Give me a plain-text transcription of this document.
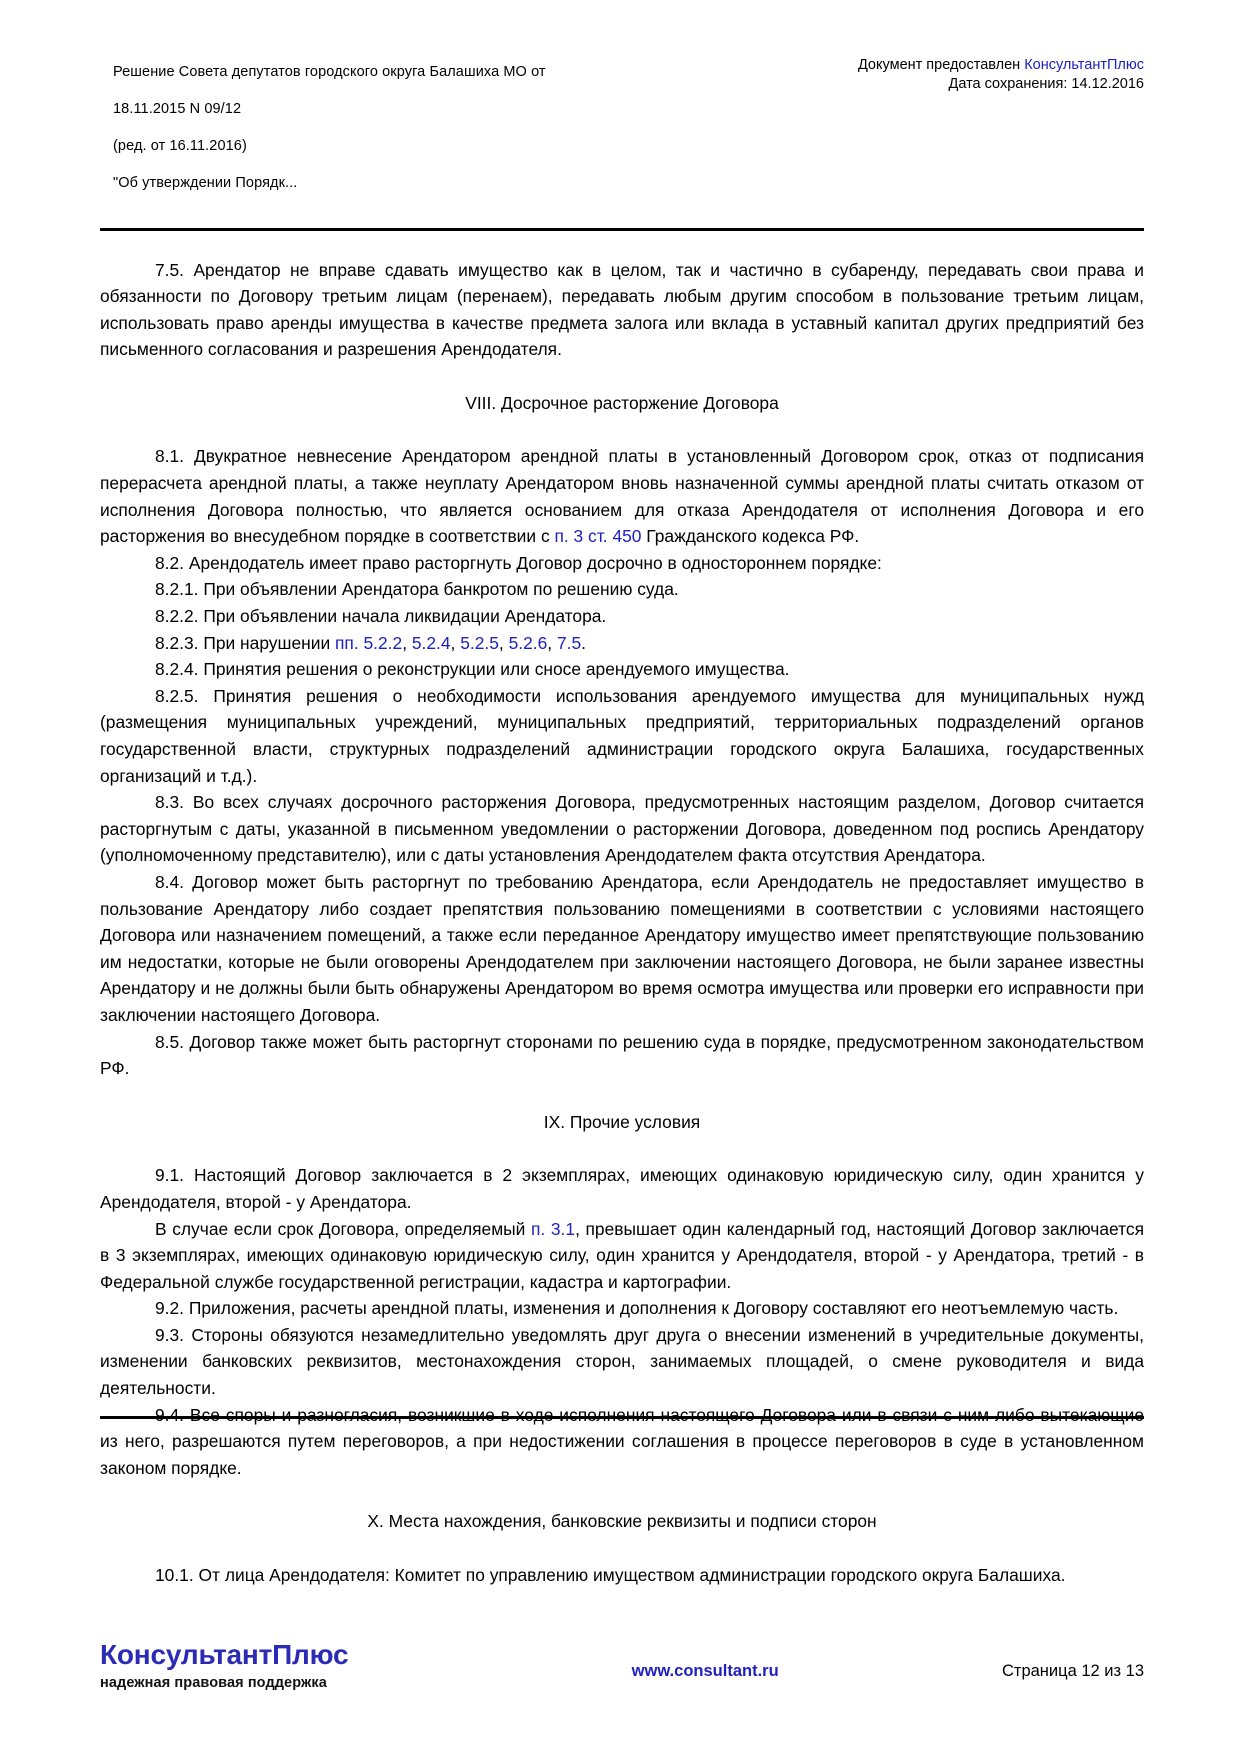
Решение Совета депутатов городского округа Балашиха МО от

18.11.2015 N 09/12

(ред. от 16.11.2016)

"Об утверждении Порядк...

Документ предоставлен КонсультантПлюс
Дата сохранения: 14.12.2016

7.5. Арендатор не вправе сдавать имущество как в целом, так и частично в субаренду, передавать свои права и обязанности по Договору третьим лицам (перенаем), передавать любым другим способом в пользование третьим лицам, использовать право аренды имущества в качестве предмета залога или вклада в уставный капитал других предприятий без письменного согласования и разрешения Арендодателя.

VIII. Досрочное расторжение Договора

8.1. Двукратное невнесение Арендатором арендной платы в установленный Договором срок, отказ от подписания перерасчета арендной платы, а также неуплату Арендатором вновь назначенной суммы арендной платы считать отказом от исполнения Договора полностью, что является основанием для отказа Арендодателя от исполнения Договора и его расторжения во внесудебном порядке в соответствии с п. 3 ст. 450 Гражданского кодекса РФ.

8.2. Арендодатель имеет право расторгнуть Договор досрочно в одностороннем порядке:

8.2.1. При объявлении Арендатора банкротом по решению суда.

8.2.2. При объявлении начала ликвидации Арендатора.

8.2.3. При нарушении пп. 5.2.2, 5.2.4, 5.2.5, 5.2.6, 7.5.

8.2.4. Принятия решения о реконструкции или сносе арендуемого имущества.

8.2.5. Принятия решения о необходимости использования арендуемого имущества для муниципальных нужд (размещения муниципальных учреждений, муниципальных предприятий, территориальных подразделений органов государственной власти, структурных подразделений администрации городского округа Балашиха, государственных организаций и т.д.).

8.3. Во всех случаях досрочного расторжения Договора, предусмотренных настоящим разделом, Договор считается расторгнутым с даты, указанной в письменном уведомлении о расторжении Договора, доведенном под роспись Арендатору (уполномоченному представителю), или с даты установления Арендодателем факта отсутствия Арендатора.

8.4. Договор может быть расторгнут по требованию Арендатора, если Арендодатель не предоставляет имущество в пользование Арендатору либо создает препятствия пользованию помещениями в соответствии с условиями настоящего Договора или назначением помещений, а также если переданное Арендатору имущество имеет препятствующие пользованию им недостатки, которые не были оговорены Арендодателем при заключении настоящего Договора, не были заранее известны Арендатору и не должны были быть обнаружены Арендатором во время осмотра имущества или проверки его исправности при заключении настоящего Договора.

8.5. Договор также может быть расторгнут сторонами по решению суда в порядке, предусмотренном законодательством РФ.

IX. Прочие условия

9.1. Настоящий Договор заключается в 2 экземплярах, имеющих одинаковую юридическую силу, один хранится у Арендодателя, второй - у Арендатора.

В случае если срок Договора, определяемый п. 3.1, превышает один календарный год, настоящий Договор заключается в 3 экземплярах, имеющих одинаковую юридическую силу, один хранится у Арендодателя, второй - у Арендатора, третий - в Федеральной службе государственной регистрации, кадастра и картографии.

9.2. Приложения, расчеты арендной платы, изменения и дополнения к Договору составляют его неотъемлемую часть.

9.3. Стороны обязуются незамедлительно уведомлять друг друга о внесении изменений в учредительные документы, изменении банковских реквизитов, местонахождения сторон, занимаемых площадей, о смене руководителя и вида деятельности.

9.4. Все споры и разногласия, возникшие в ходе исполнения настоящего Договора или в связи с ним либо вытекающие из него, разрешаются путем переговоров, а при недостижении соглашения в процессе переговоров в суде в установленном законом порядке.

X. Места нахождения, банковские реквизиты и подписи сторон

10.1. От лица Арендодателя: Комитет по управлению имуществом администрации городского округа Балашиха.

КонсультантПлюс
надежная правовая поддержка
www.consultant.ru	Страница 12 из 13
